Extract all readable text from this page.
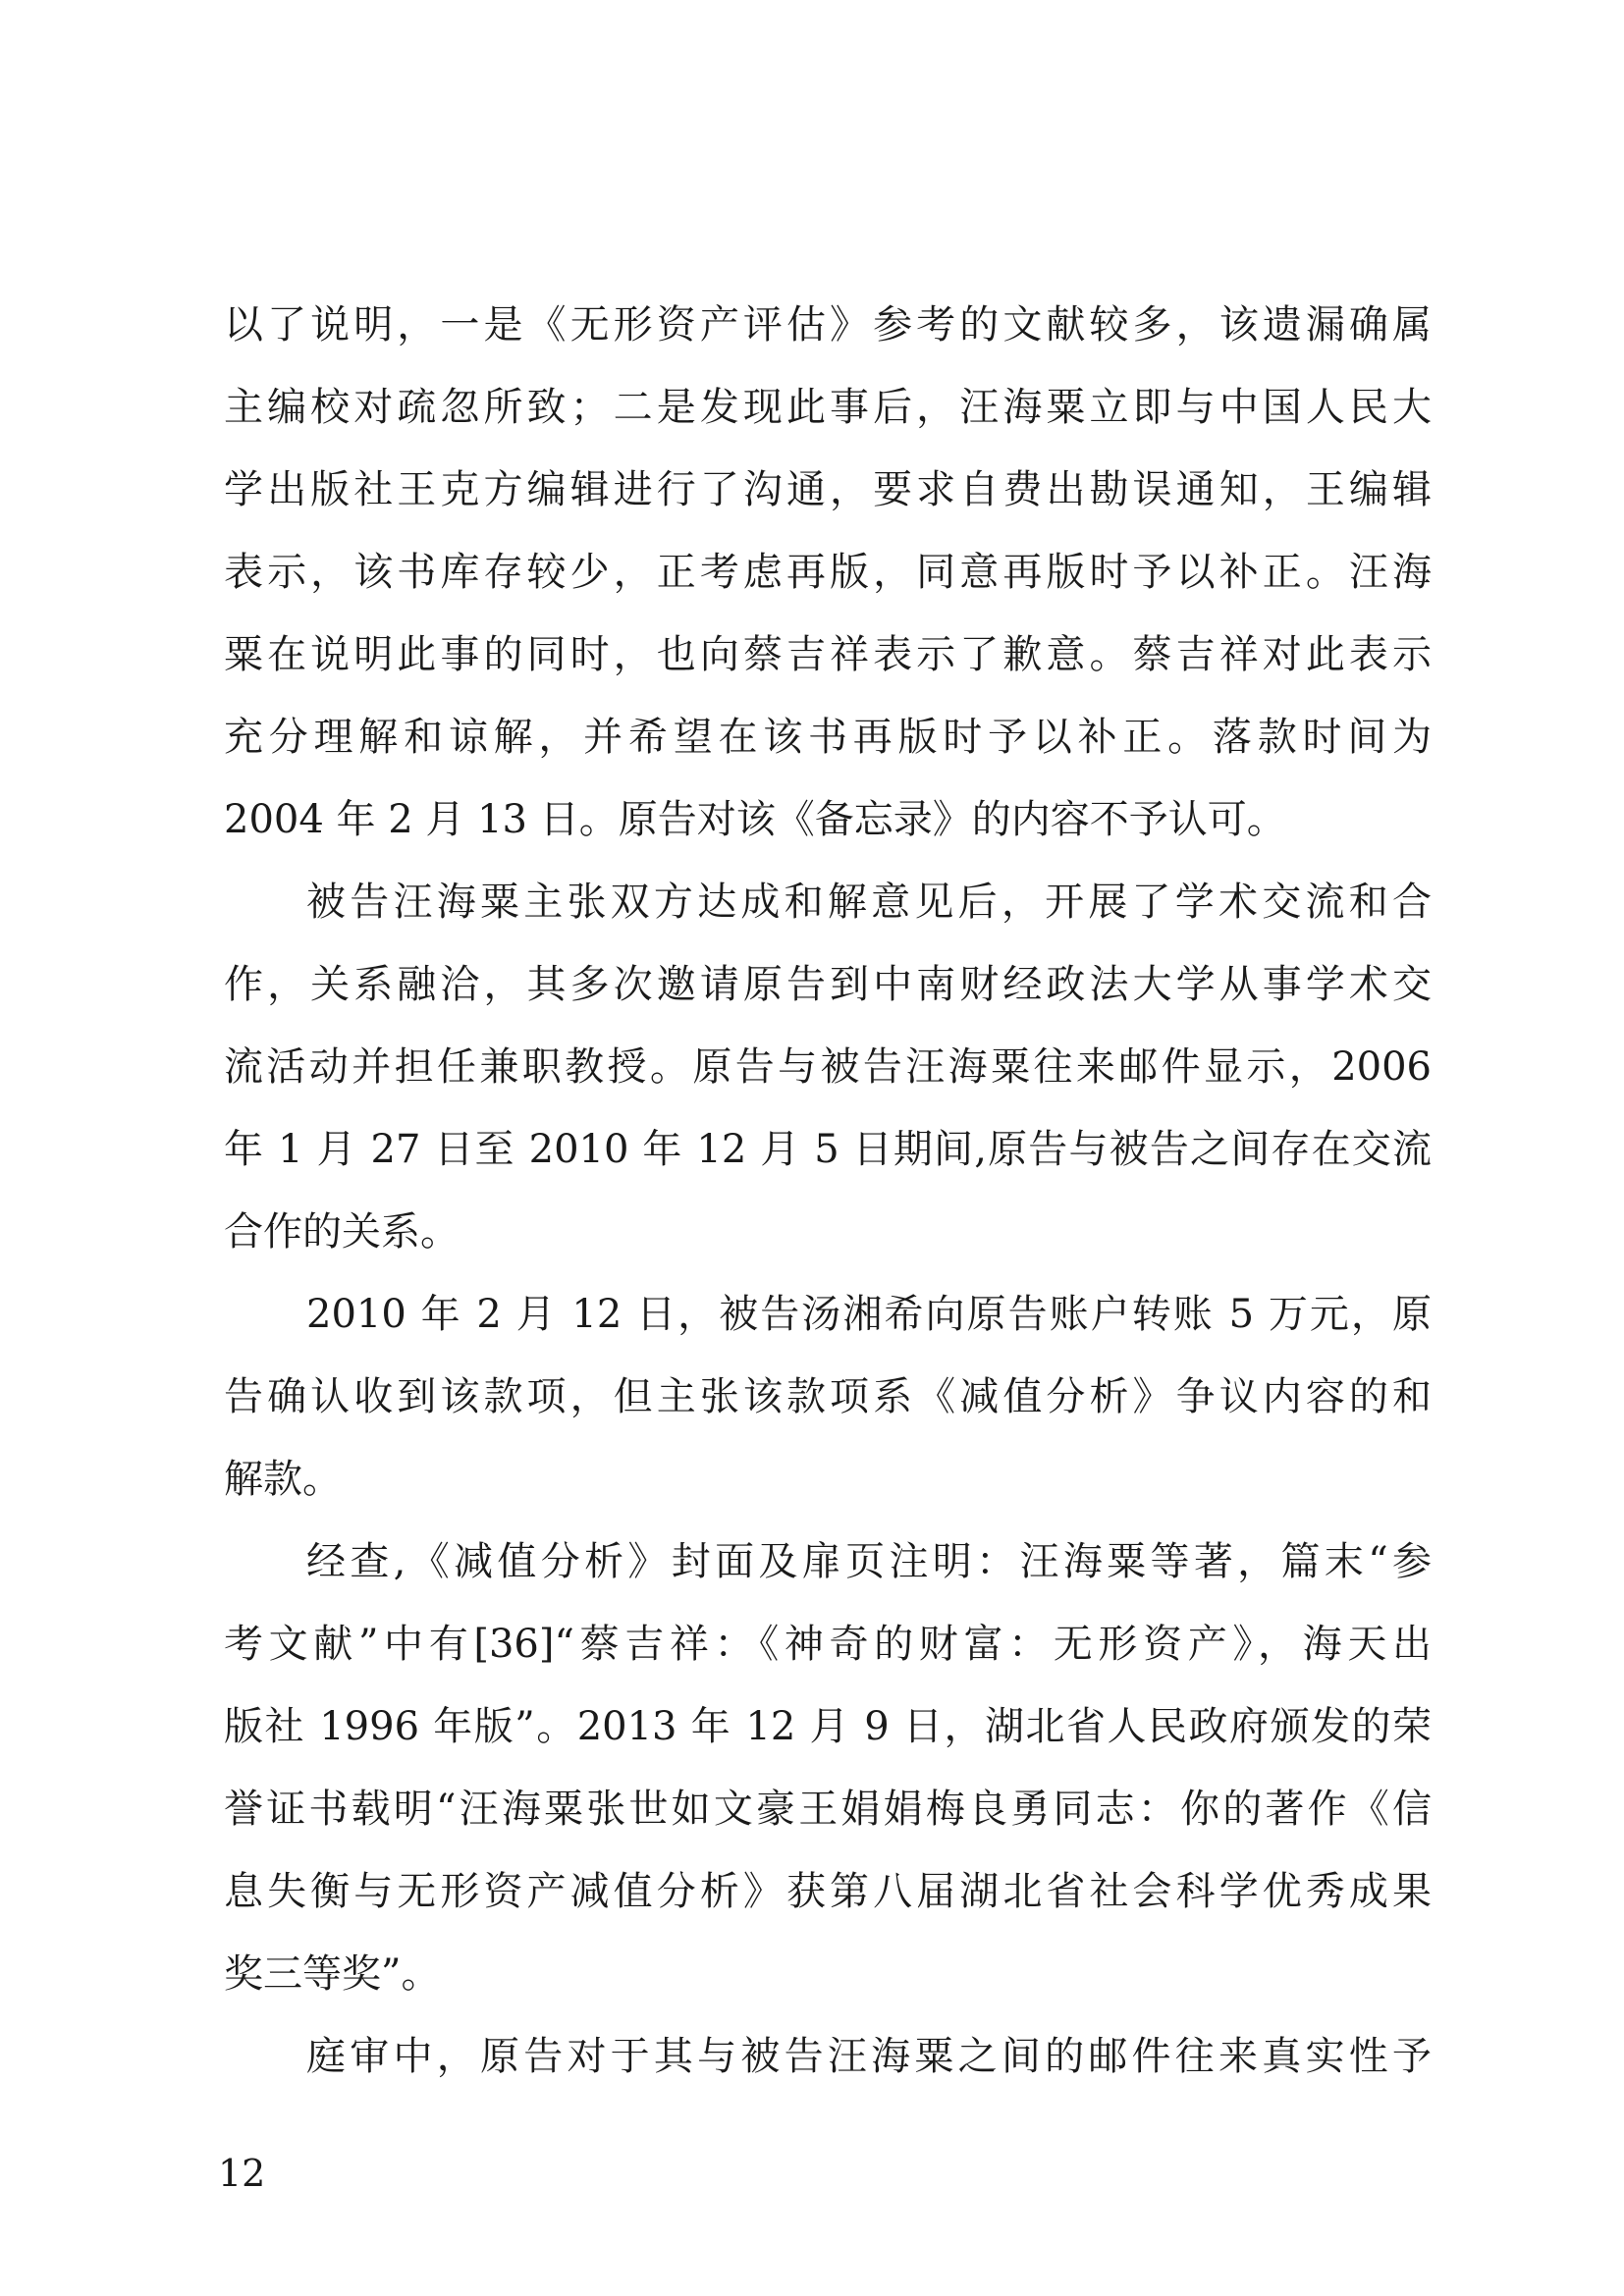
以了说明，一是《无形资产评估》参考的文献较多，该遗漏确属
主编校对疏忽所致；二是发现此事后，汪海粟立即与中国人民大
学出版社王克方编辑进行了沟通，要求自费出勘误通知，王编辑
表示，该书库存较少，正考虑再版，同意再版时予以补正。汪海
粟在说明此事的同时，也向蔡吉祥表示了歉意。蔡吉祥对此表示
充分理解和谅解，并希望在该书再版时予以补正。落款时间为
2004 年 2 月 13 日。原告对该《备忘录》的内容不予认可。
被告汪海粟主张双方达成和解意见后，开展了学术交流和合
作，关系融洽，其多次邀请原告到中南财经政法大学从事学术交
流活动并担任兼职教授。原告与被告汪海粟往来邮件显示，2006
年 1 月 27 日至 2010 年 12 月 5 日期间,原告与被告之间存在交流
合作的关系。
2010 年 2 月 12 日，被告汤湘希向原告账户转账 5 万元，原
告确认收到该款项，但主张该款项系《减值分析》争议内容的和
解款。
经查,《减值分析》封面及扉页注明：汪海粟等著，篇末“参
考文献”中有[36]“蔡吉祥：《神奇的财富：无形资产》，海天出
版社 1996 年版”。2013 年 12 月 9 日，湖北省人民政府颁发的荣
誉证书载明“汪海粟张世如文豪王娟娟梅良勇同志：你的著作《信
息失衡与无形资产减值分析》获第八届湖北省社会科学优秀成果
奖三等奖”。
庭审中，原告对于其与被告汪海粟之间的邮件往来真实性予
12
